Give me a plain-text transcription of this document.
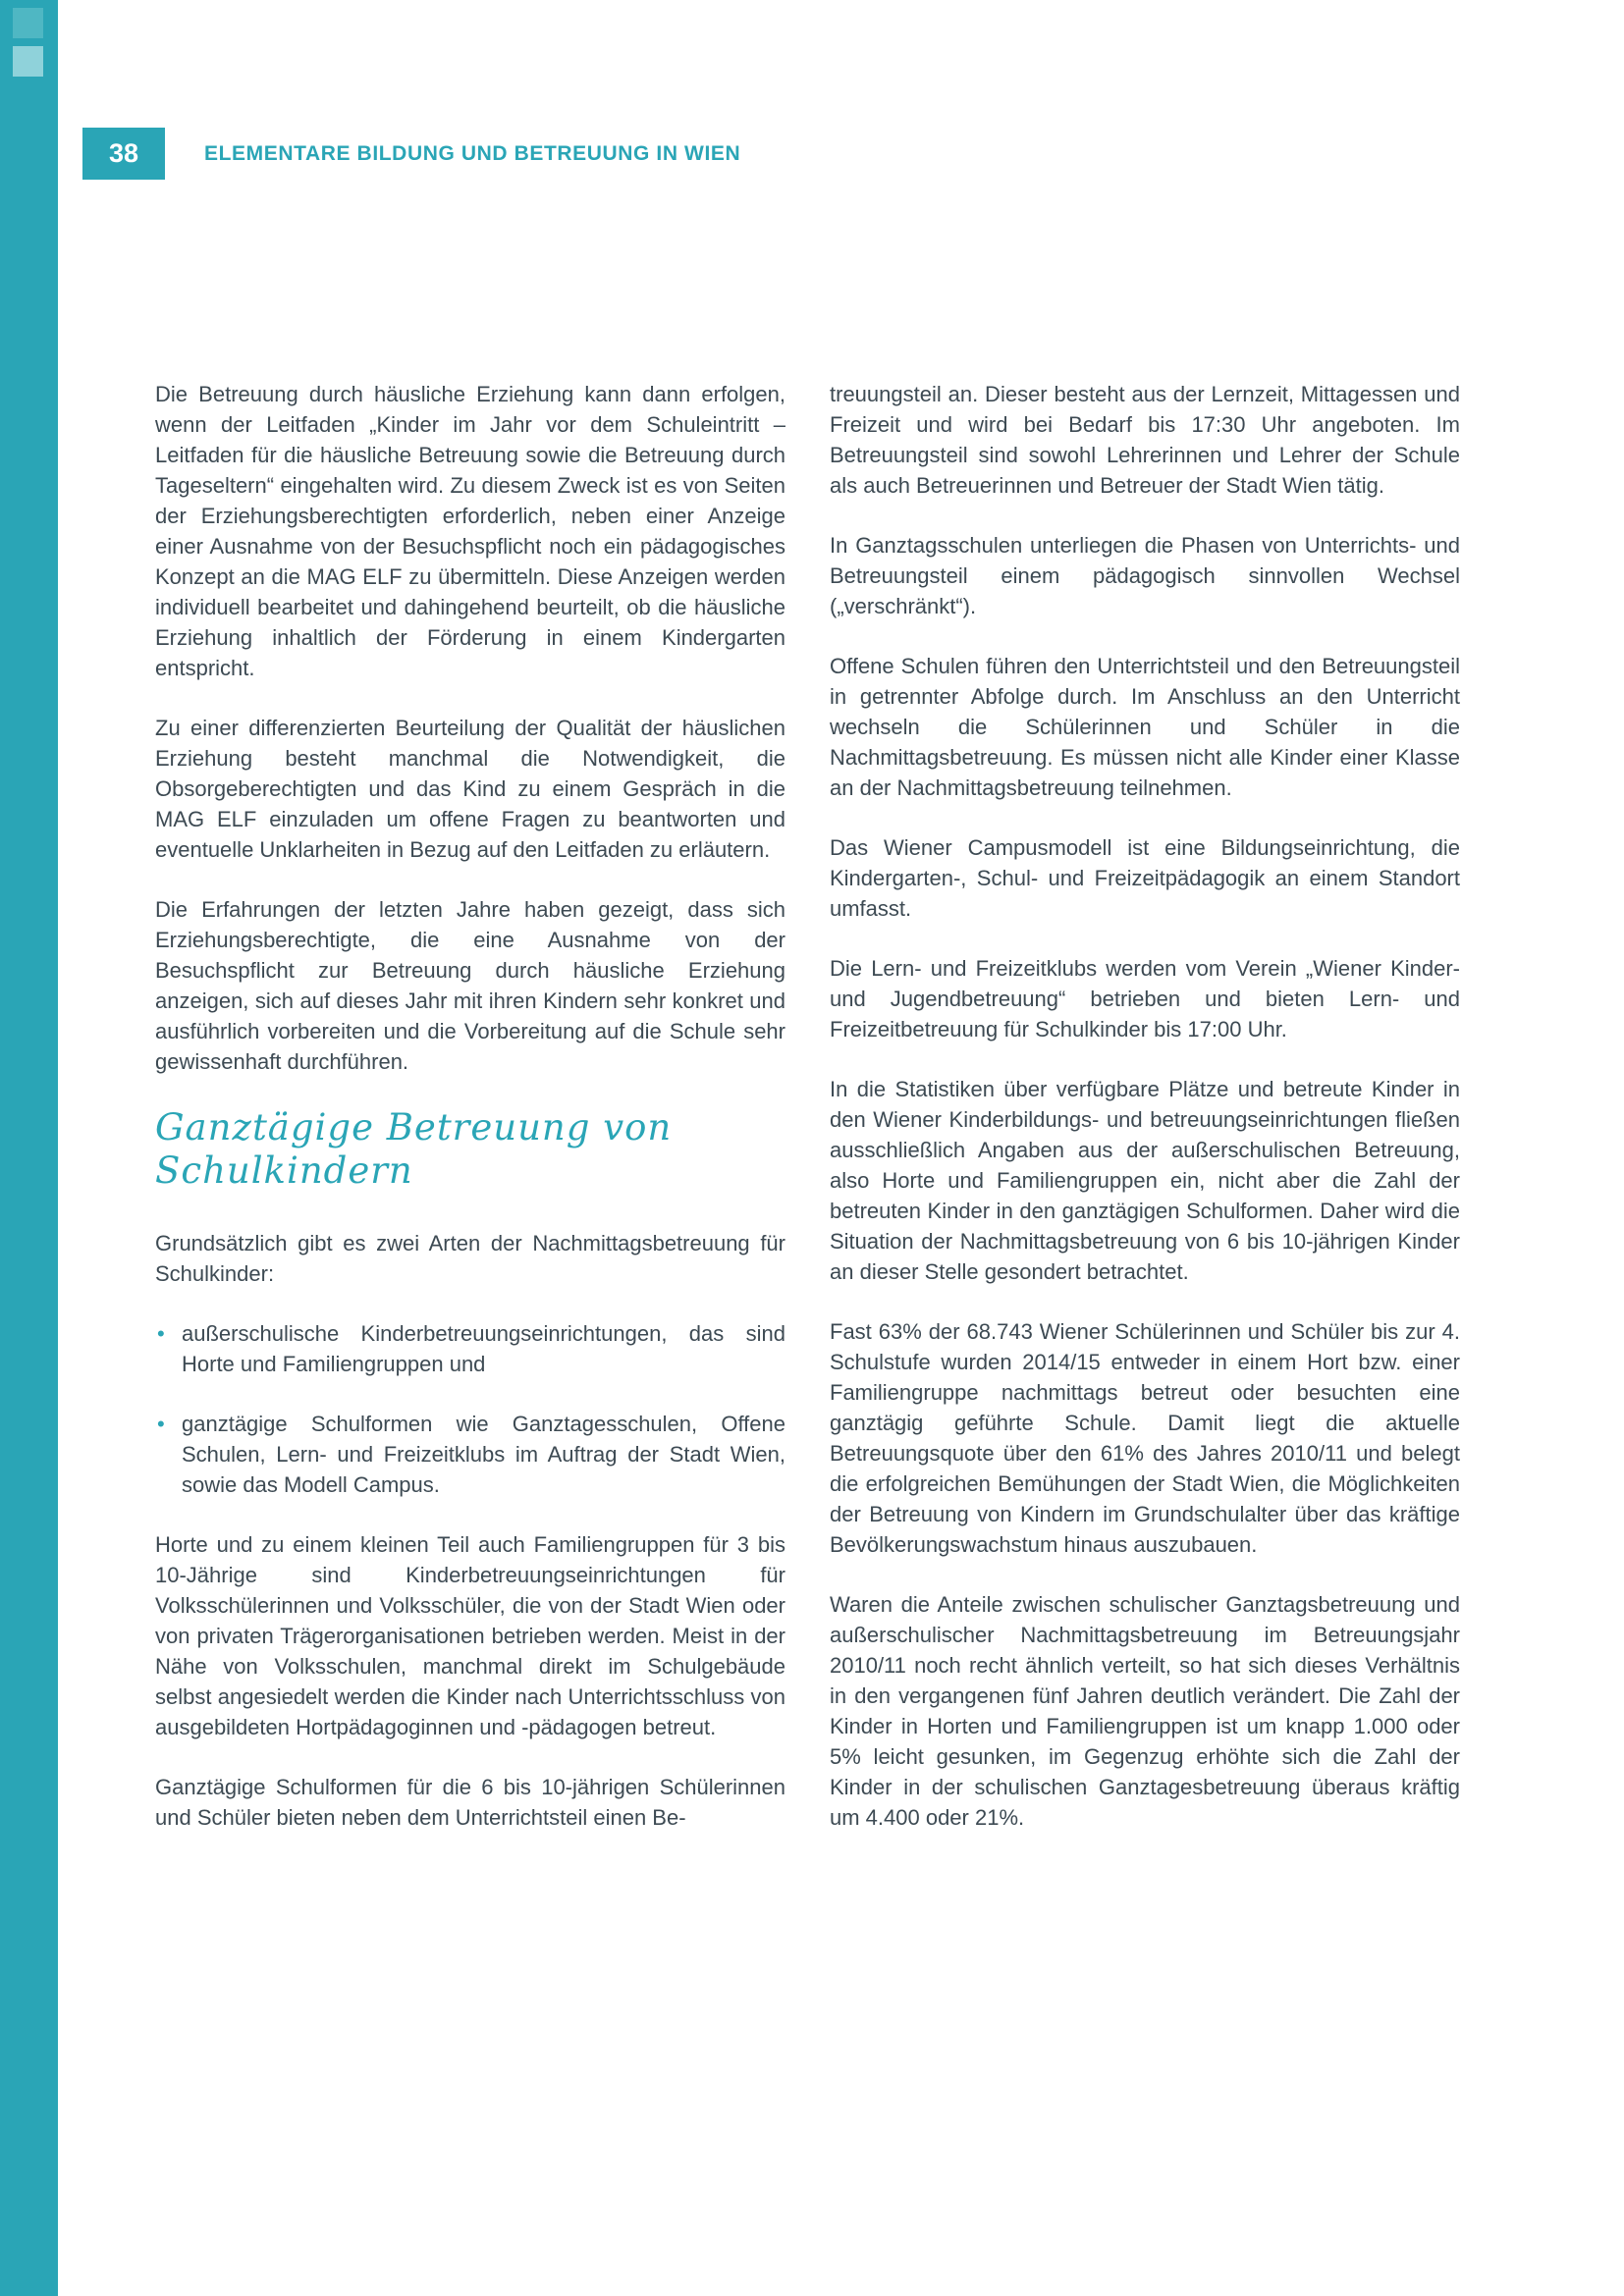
38	ELEMENTARE BILDUNG UND BETREUUNG IN WIEN

Die Betreuung durch häusliche Erziehung kann dann erfolgen, wenn der Leitfaden „Kinder im Jahr vor dem Schuleintritt – Leitfaden für die häusliche Betreuung sowie die Betreuung durch Tageseltern“ eingehalten wird. Zu diesem Zweck ist es von Seiten der Erziehungsberechtigten erforderlich, neben einer Anzeige einer Ausnahme von der Besuchspflicht noch ein pädagogisches Konzept an die MAG ELF zu übermitteln. Diese Anzeigen werden individuell bearbeitet und dahingehend beurteilt, ob die häusliche Erziehung inhaltlich der Förderung in einem Kindergarten entspricht.

Zu einer differenzierten Beurteilung der Qualität der häuslichen Erziehung besteht manchmal die Notwendigkeit, die Obsorgeberechtigten und das Kind zu einem Gespräch in die MAG ELF einzuladen um offene Fragen zu beantworten und eventuelle Unklarheiten in Bezug auf den Leitfaden zu erläutern.

Die Erfahrungen der letzten Jahre haben gezeigt, dass sich Erziehungsberechtigte, die eine Ausnahme von der Besuchspflicht zur Betreuung durch häusliche Erziehung anzeigen, sich auf dieses Jahr mit ihren Kindern sehr konkret und ausführlich vorbereiten und die Vorbereitung auf die Schule sehr gewissenhaft durchführen.

Ganztägige Betreuung von Schulkindern

Grundsätzlich gibt es zwei Arten der Nachmittagsbetreuung für Schulkinder:

• außerschulische Kinderbetreuungseinrichtungen, das sind Horte und Familiengruppen und
• ganztägige Schulformen wie Ganztagesschulen, Offene Schulen, Lern- und Freizeitklubs im Auftrag der Stadt Wien, sowie das Modell Campus.

Horte und zu einem kleinen Teil auch Familiengruppen für 3 bis 10-Jährige sind Kinderbetreuungseinrichtungen für Volksschülerinnen und Volksschüler, die von der Stadt Wien oder von privaten Trägerorganisationen betrieben werden. Meist in der Nähe von Volksschulen, manchmal direkt im Schulgebäude selbst angesiedelt werden die Kinder nach Unterrichtsschluss von ausgebildeten Hortpädagoginnen und -pädagogen betreut.

Ganztägige Schulformen für die 6 bis 10-jährigen Schülerinnen und Schüler bieten neben dem Unterrichtsteil einen Be-

treuungsteil an. Dieser besteht aus der Lernzeit, Mittagessen und Freizeit und wird bei Bedarf bis 17:30 Uhr angeboten. Im Betreuungsteil sind sowohl Lehrerinnen und Lehrer der Schule als auch Betreuerinnen und Betreuer der Stadt Wien tätig.

In Ganztagsschulen unterliegen die Phasen von Unterrichts- und Betreuungsteil einem pädagogisch sinnvollen Wechsel („verschränkt“).

Offene Schulen führen den Unterrichtsteil und den Betreuungsteil in getrennter Abfolge durch. Im Anschluss an den Unterricht wechseln die Schülerinnen und Schüler in die Nachmittagsbetreuung. Es müssen nicht alle Kinder einer Klasse an der Nachmittagsbetreuung teilnehmen.

Das Wiener Campusmodell ist eine Bildungseinrichtung, die Kindergarten-, Schul- und Freizeitpädagogik an einem Standort umfasst.

Die Lern- und Freizeitklubs werden vom Verein „Wiener Kinder- und Jugendbetreuung“ betrieben und bieten Lern- und Freizeitbetreuung für Schulkinder bis 17:00 Uhr.

In die Statistiken über verfügbare Plätze und betreute Kinder in den Wiener Kinderbildungs- und betreuungseinrichtungen fließen ausschließlich Angaben aus der außerschulischen Betreuung, also Horte und Familiengruppen ein, nicht aber die Zahl der betreuten Kinder in den ganztägigen Schulformen. Daher wird die Situation der Nachmittagsbetreuung von 6 bis 10-jährigen Kinder an dieser Stelle gesondert betrachtet.

Fast 63% der 68.743 Wiener Schülerinnen und Schüler bis zur 4. Schulstufe wurden 2014/15 entweder in einem Hort bzw. einer Familiengruppe nachmittags betreut oder besuchten eine ganztägig geführte Schule. Damit liegt die aktuelle Betreuungsquote über den 61% des Jahres 2010/11 und belegt die erfolgreichen Bemühungen der Stadt Wien, die Möglichkeiten der Betreuung von Kindern im Grundschulalter über das kräftige Bevölkerungswachstum hinaus auszubauen.

Waren die Anteile zwischen schulischer Ganztagsbetreuung und außerschulischer Nachmittagsbetreuung im Betreuungsjahr 2010/11 noch recht ähnlich verteilt, so hat sich dieses Verhältnis in den vergangenen fünf Jahren deutlich verändert. Die Zahl der Kinder in Horten und Familiengruppen ist um knapp 1.000 oder 5% leicht gesunken, im Gegenzug erhöhte sich die Zahl der Kinder in der schulischen Ganztagesbetreuung überaus kräftig um 4.400 oder 21%.
